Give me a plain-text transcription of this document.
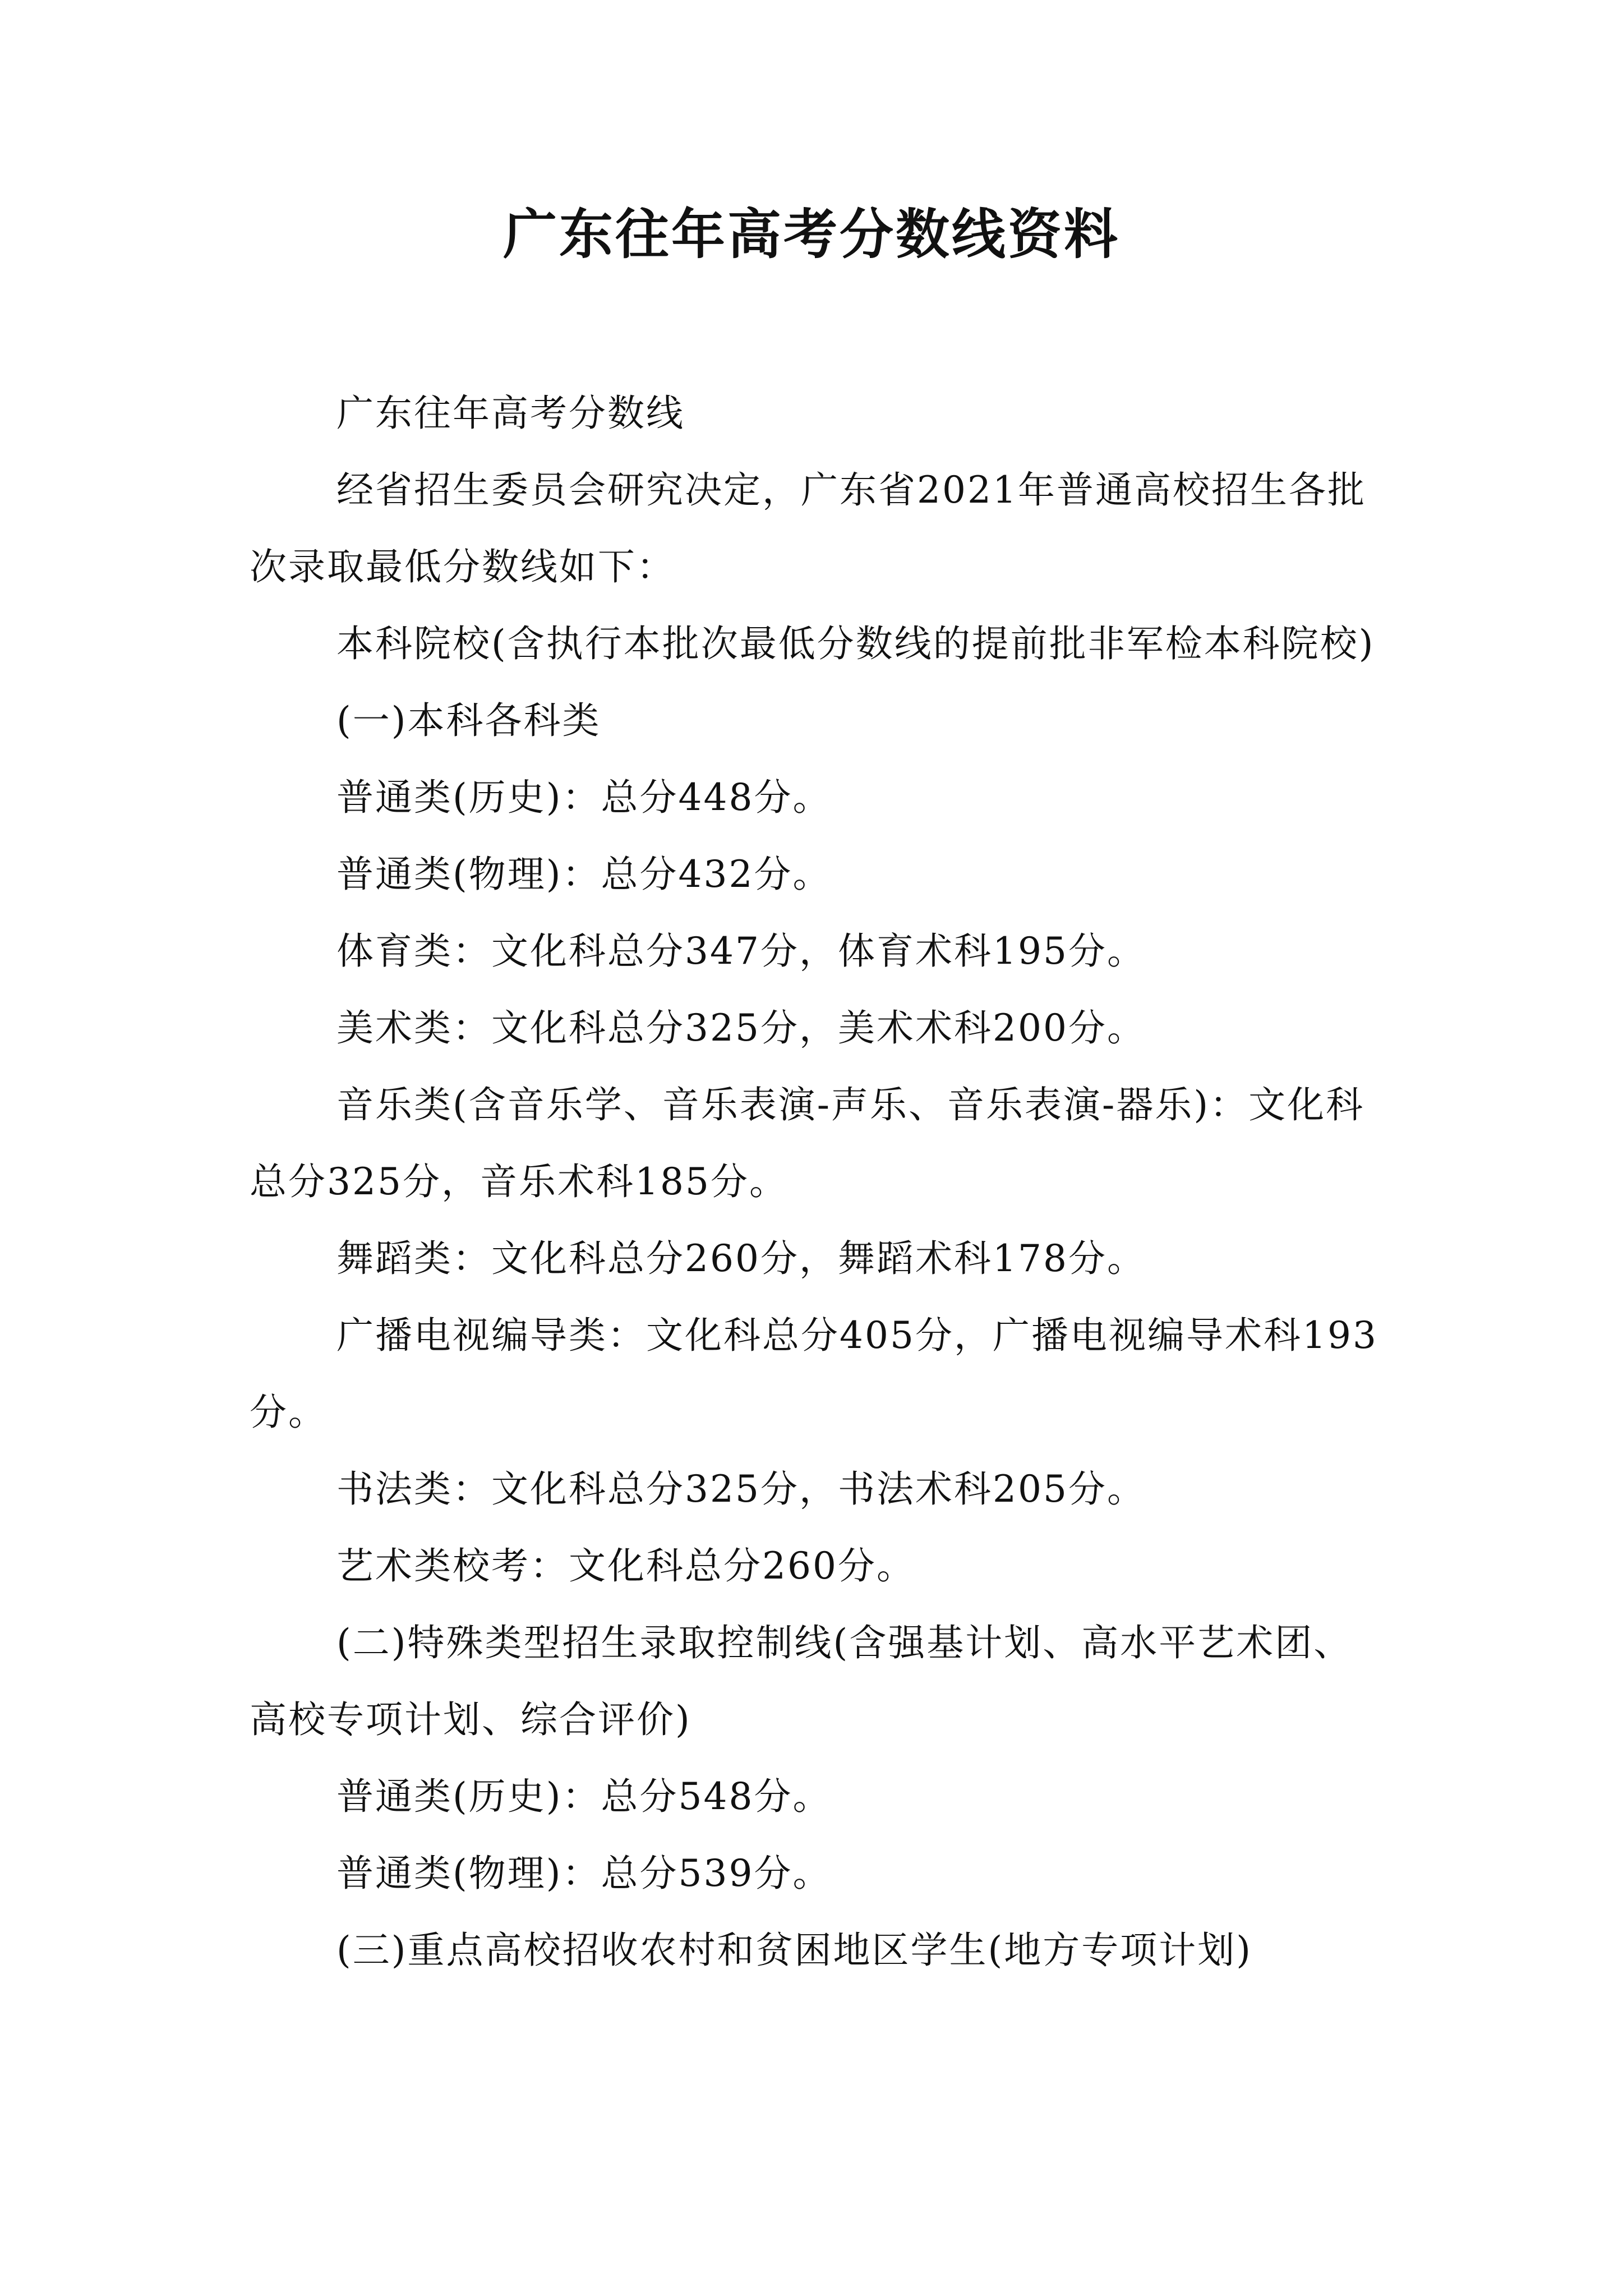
广东往年高考分数线资料

广东往年高考分数线

经省招生委员会研究决定，广东省2021年普通高校招生各批次录取最低分数线如下：

本科院校(含执行本批次最低分数线的提前批非军检本科院校)

(一)本科各科类

普通类(历史)：总分448分。

普通类(物理)：总分432分。

体育类：文化科总分347分，体育术科195分。

美术类：文化科总分325分，美术术科200分。

音乐类(含音乐学、音乐表演-声乐、音乐表演-器乐)：文化科总分325分，音乐术科185分。

舞蹈类：文化科总分260分，舞蹈术科178分。

广播电视编导类：文化科总分405分，广播电视编导术科193分。

书法类：文化科总分325分，书法术科205分。

艺术类校考：文化科总分260分。

(二)特殊类型招生录取控制线(含强基计划、高水平艺术团、高校专项计划、综合评价)

普通类(历史)：总分548分。

普通类(物理)：总分539分。

(三)重点高校招收农村和贫困地区学生(地方专项计划)
